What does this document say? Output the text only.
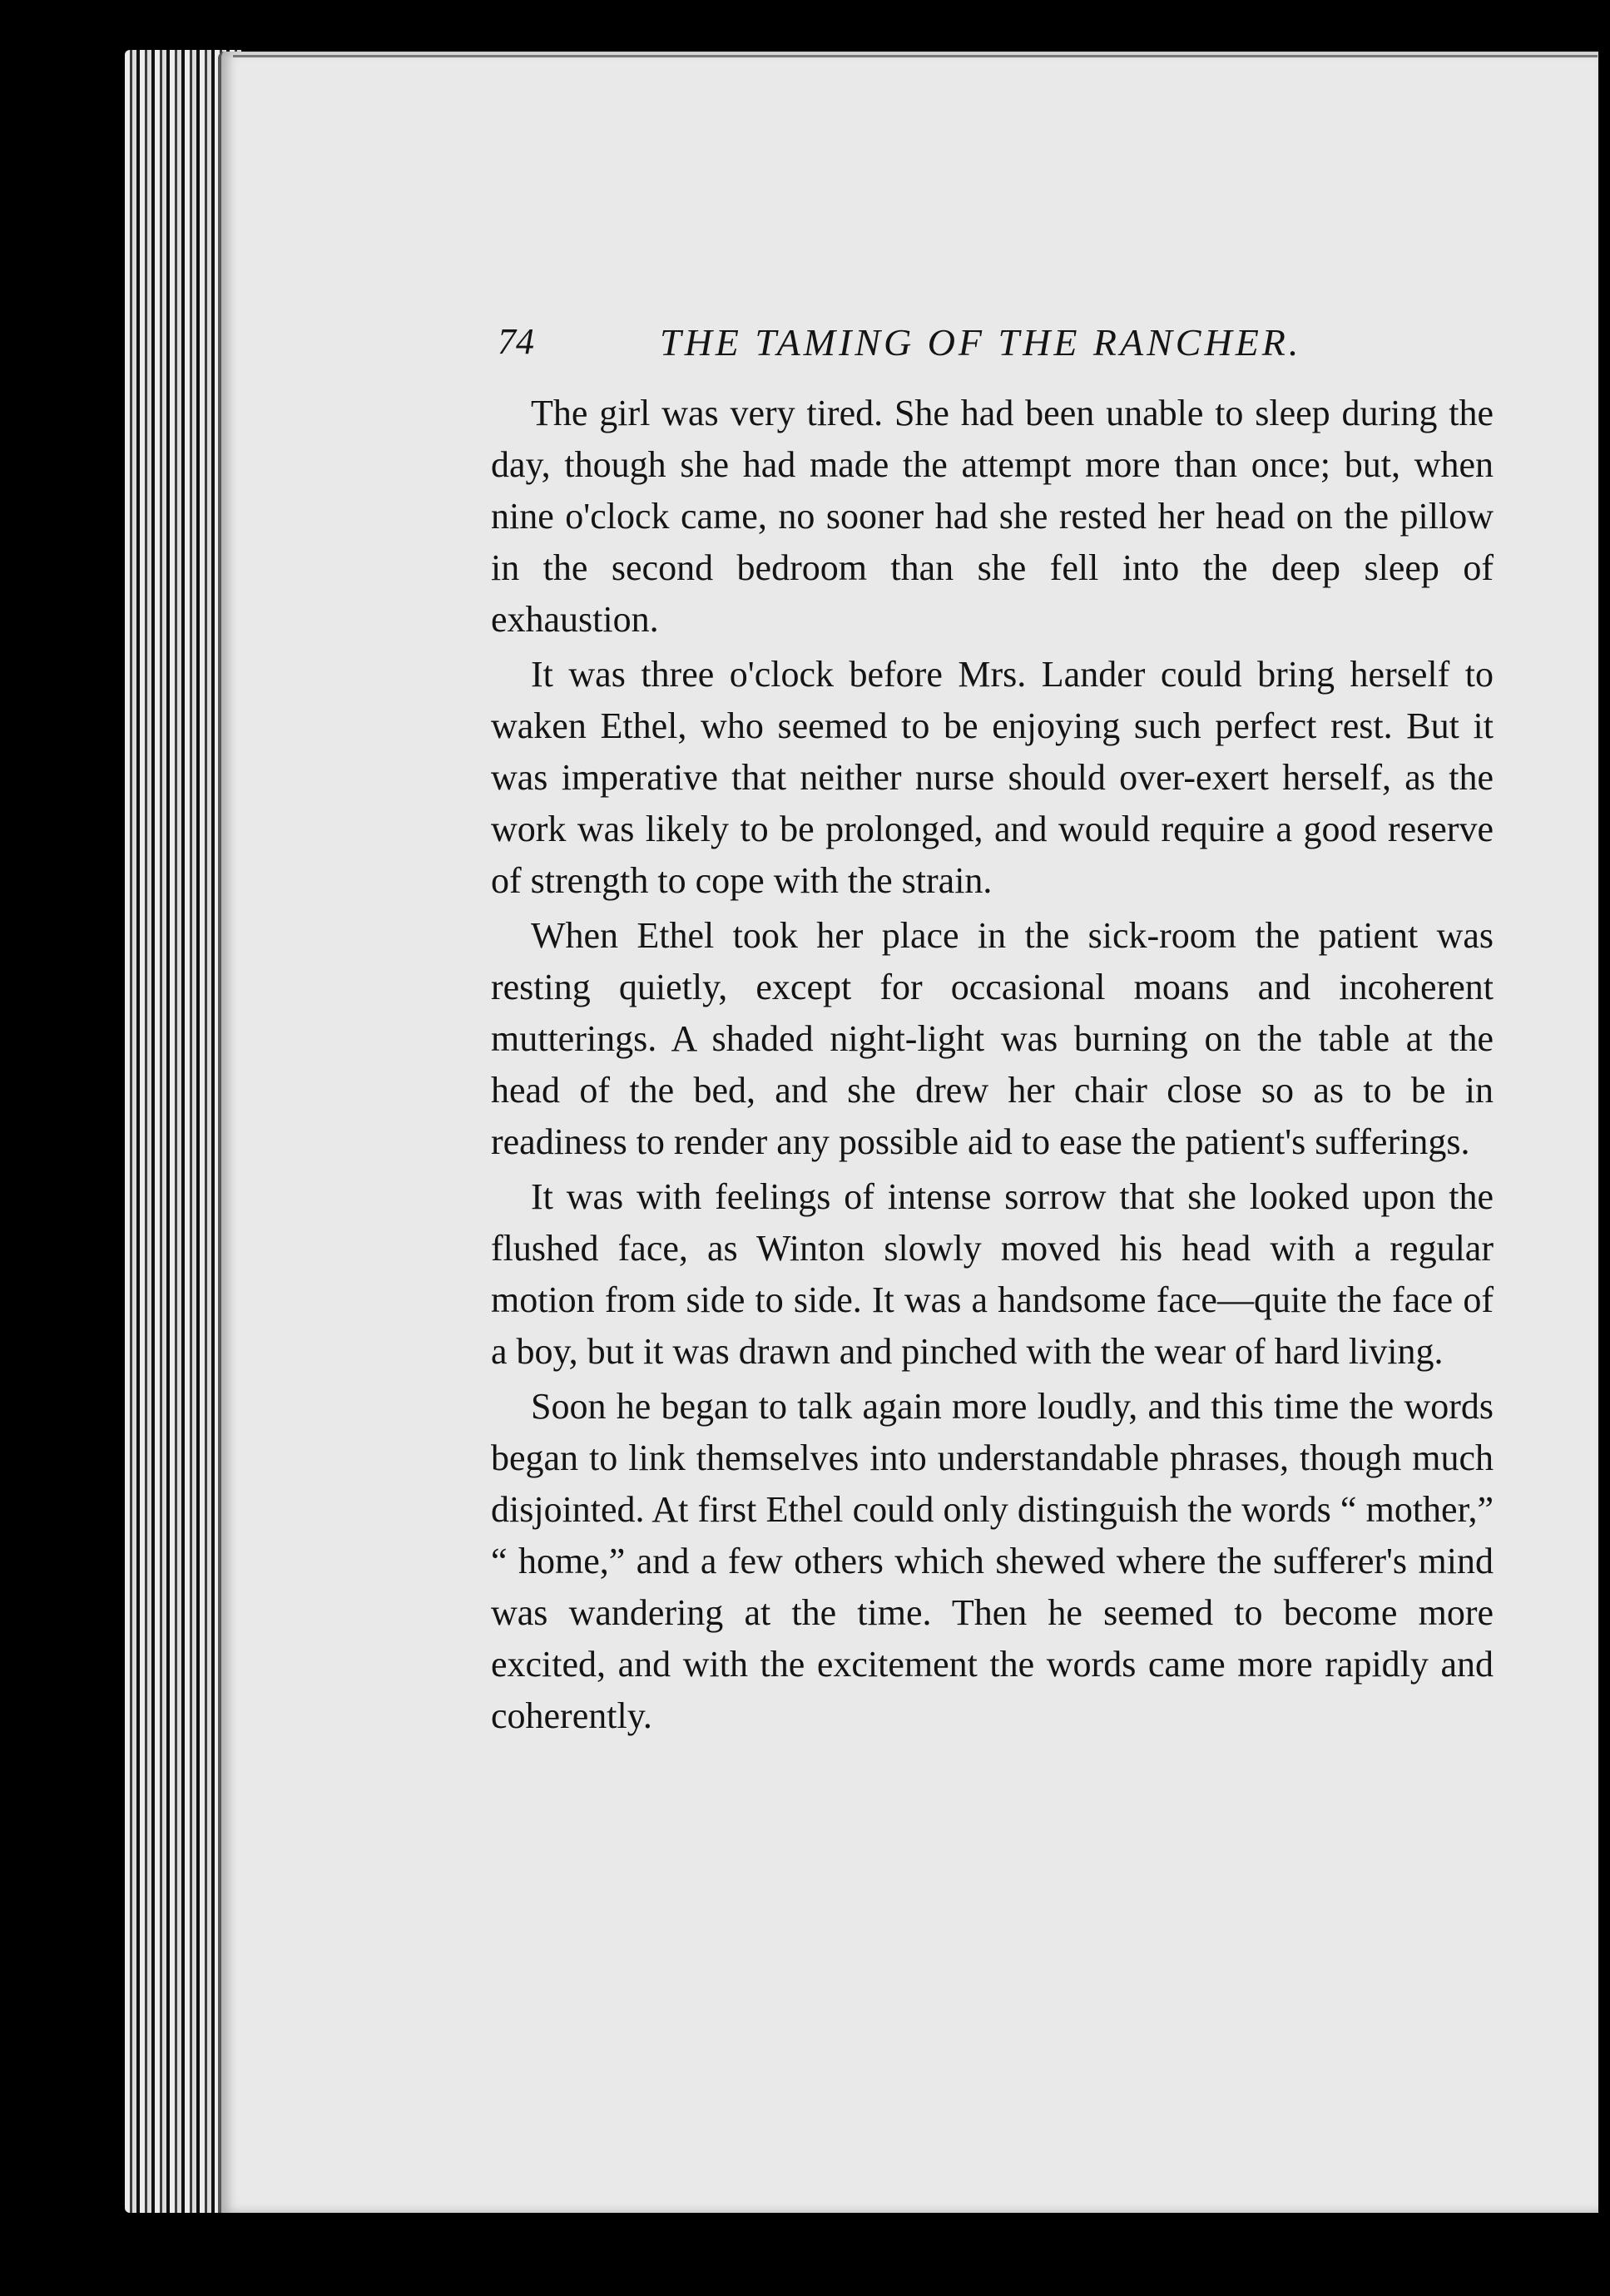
74	THE TAMING OF THE RANCHER.

The girl was very tired. She had been unable to sleep during the day, though she had made the attempt more than once; but, when nine o'clock came, no sooner had she rested her head on the pillow in the second bedroom than she fell into the deep sleep of exhaustion.

It was three o'clock before Mrs. Lander could bring herself to waken Ethel, who seemed to be enjoying such perfect rest. But it was imperative that neither nurse should over-exert herself, as the work was likely to be prolonged, and would require a good reserve of strength to cope with the strain.

When Ethel took her place in the sick-room the patient was resting quietly, except for occasional moans and incoherent mutterings. A shaded night-light was burning on the table at the head of the bed, and she drew her chair close so as to be in readiness to render any possible aid to ease the patient's sufferings.

It was with feelings of intense sorrow that she looked upon the flushed face, as Winton slowly moved his head with a regular motion from side to side. It was a handsome face—quite the face of a boy, but it was drawn and pinched with the wear of hard living.

Soon he began to talk again more loudly, and this time the words began to link themselves into understandable phrases, though much disjointed. At first Ethel could only distinguish the words “ mother,” “ home,” and a few others which shewed where the sufferer's mind was wandering at the time. Then he seemed to become more excited, and with the excitement the words came more rapidly and coherently.
